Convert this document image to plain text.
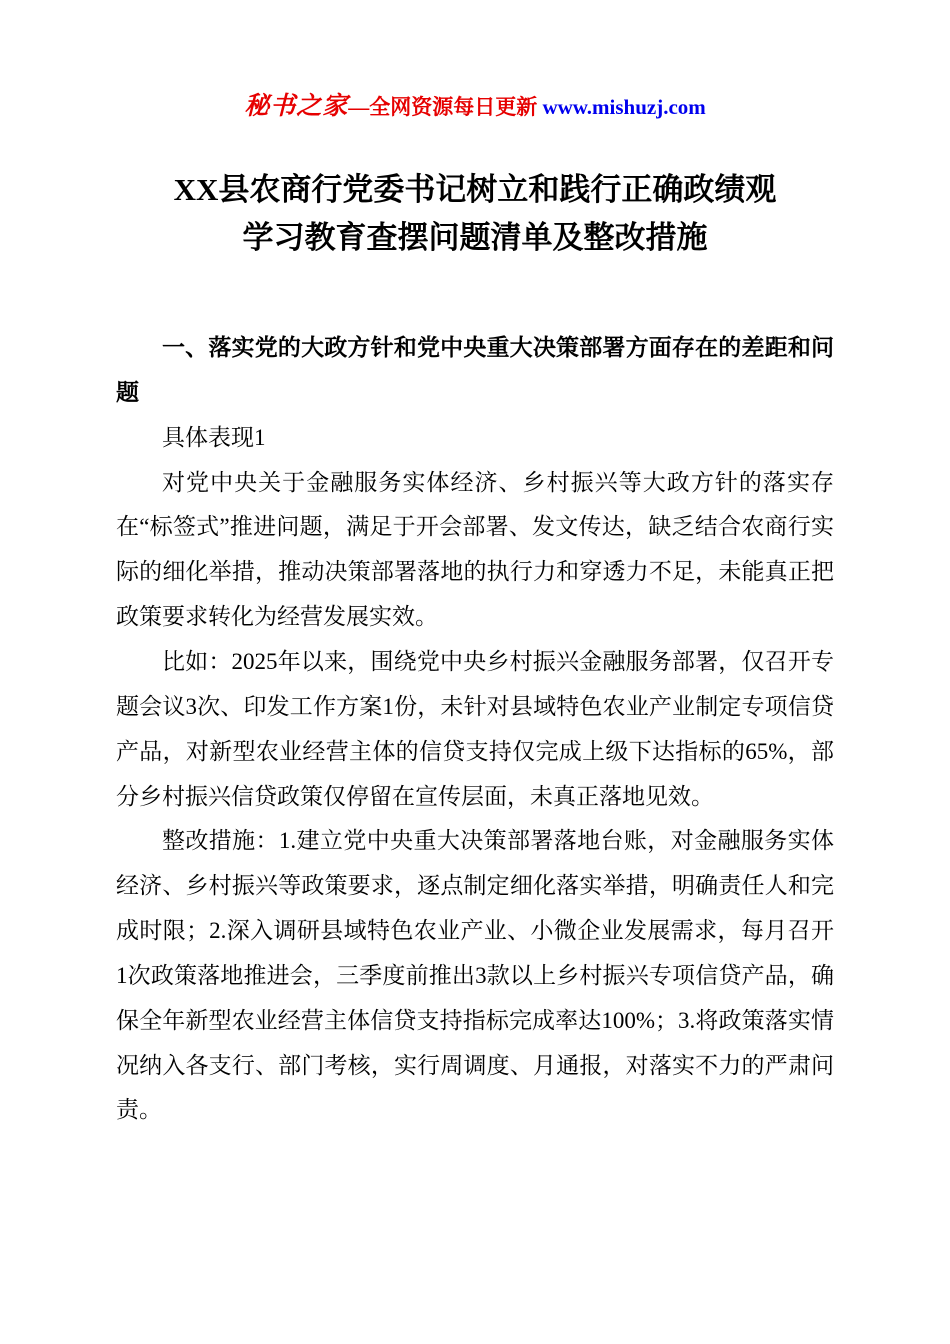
秘书之家—全网资源每日更新 www.mishuzj.com
XX县农商行党委书记树立和践行正确政绩观
学习教育查摆问题清单及整改措施

一、落实党的大政方针和党中央重大决策部署方面存在的差距和问题

具体表现1

对党中央关于金融服务实体经济、乡村振兴等大政方针的落实存在“标签式”推进问题，满足于开会部署、发文传达，缺乏结合农商行实际的细化举措，推动决策部署落地的执行力和穿透力不足，未能真正把政策要求转化为经营发展实效。

比如：2025年以来，围绕党中央乡村振兴金融服务部署，仅召开专题会议3次、印发工作方案1份，未针对县域特色农业产业制定专项信贷产品，对新型农业经营主体的信贷支持仅完成上级下达指标的65%，部分乡村振兴信贷政策仅停留在宣传层面，未真正落地见效。

整改措施：1.建立党中央重大决策部署落地台账，对金融服务实体经济、乡村振兴等政策要求，逐点制定细化落实举措，明确责任人和完成时限；2.深入调研县域特色农业产业、小微企业发展需求，每月召开1次政策落地推进会，三季度前推出3款以上乡村振兴专项信贷产品，确保全年新型农业经营主体信贷支持指标完成率达100%；3.将政策落实情况纳入各支行、部门考核，实行周调度、月通报，对落实不力的严肃问责。
